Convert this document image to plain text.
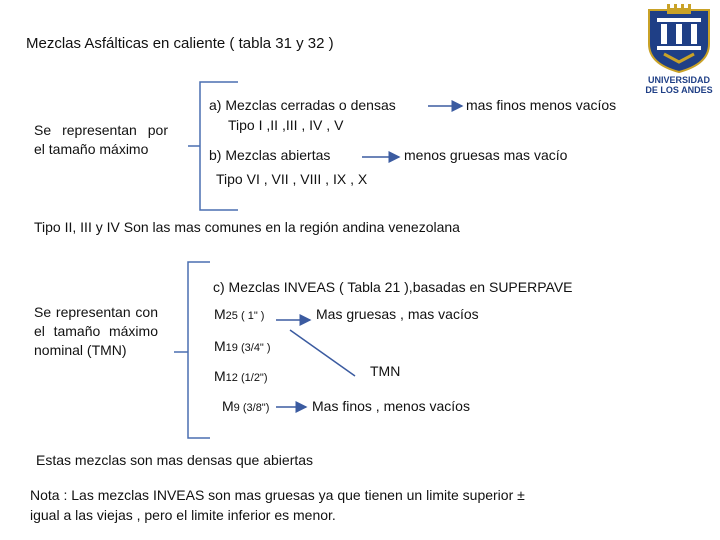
Mezclas Asfálticas en caliente ( tabla 31 y 32 )
UNIVERSIDAD
DE LOS ANDES

Se representan por el tamaño máximo

a) Mezclas cerradas o densas	mas finos menos vacíos
Tipo I ,II ,III , IV , V
b) Mezclas abiertas	menos gruesas mas vacío
Tipo VI , VII , VIII , IX , X
Tipo II, III y IV Son las mas comunes en la región andina venezolana
c) Mezclas INVEAS ( Tabla 21 ),basadas en SUPERPAVE

Se representan con el tamaño máximo nominal (TMN)

M25 ( 1" )	Mas gruesas , mas vacíos
M19 (3/4" )
M12 (1/2")	TMN
M9 (3/8")	Mas finos , menos vacíos
Estas mezclas son mas densas que abiertas
Nota : Las mezclas INVEAS son mas gruesas ya que tienen un limite superior ±
igual a las viejas , pero el limite inferior es menor.
